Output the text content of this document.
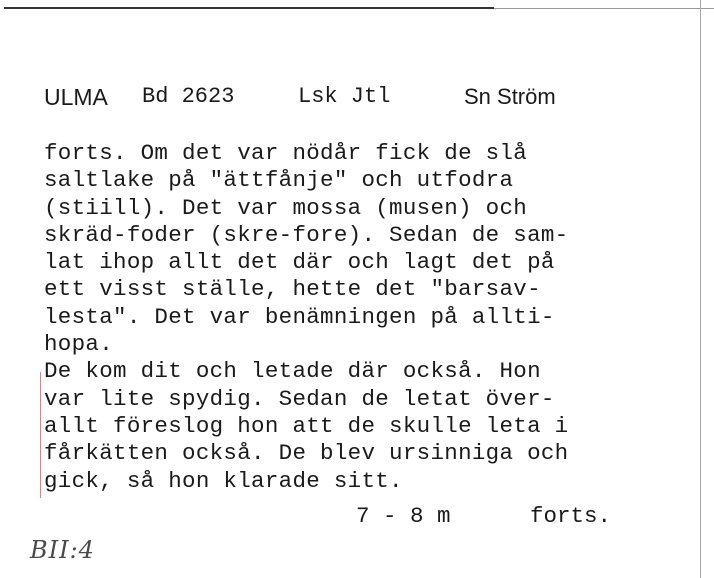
ULMA Bd 2623	Lsk Jtl	Sn Ström
forts. Om det var nödår fick de slå
saltlake på "ättfånje" och utfodra
(stiill). Det var mossa (musen) och
skräd-foder (skre-fore). Sedan de sam-
lat ihop allt det där och lagt det på
ett visst ställe, hette det "barsav-
lesta". Det var benämningen på allti-
hopa.
De kom dit och letade där också. Hon
var lite spydig. Sedan de letat över-
allt föreslog hon att de skulle leta i
fårkätten också. De blev ursinniga och
gick, så hon klarade sitt.
7 - 8 m	forts.
BII:4
